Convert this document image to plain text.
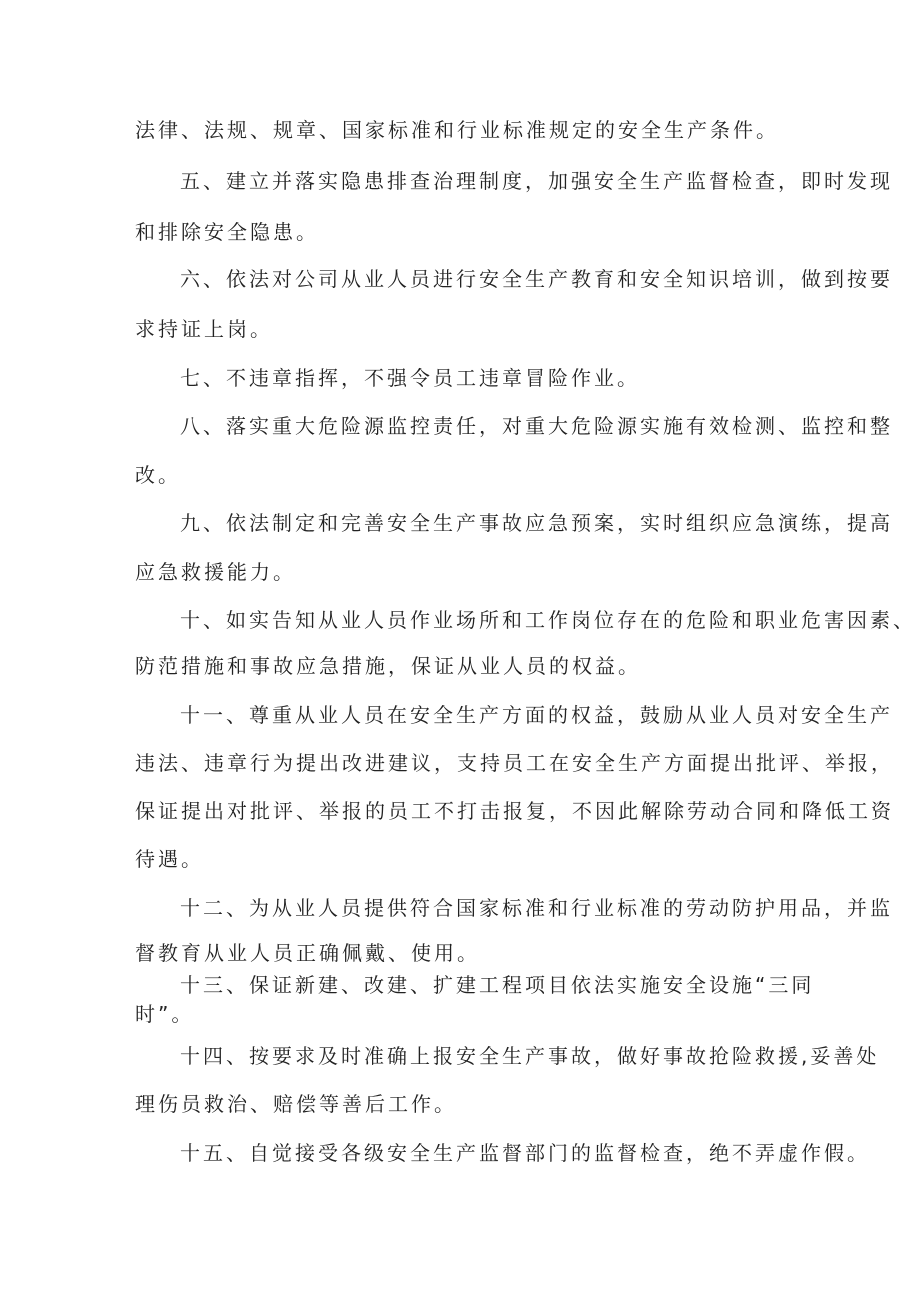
法律、法规、规章、国家标准和行业标准规定的安全生产条件。

五、建立并落实隐患排查治理制度，加强安全生产监督检查，即时发现

和排除安全隐患。

六、依法对公司从业人员进行安全生产教育和安全知识培训，做到按要

求持证上岗。

七、不违章指挥，不强令员工违章冒险作业。

八、落实重大危险源监控责任，对重大危险源实施有效检测、监控和整

改。

九、依法制定和完善安全生产事故应急预案，实时组织应急演练，提高

应急救援能力。

十、如实告知从业人员作业场所和工作岗位存在的危险和职业危害因素、

防范措施和事故应急措施，保证从业人员的权益。

十一、尊重从业人员在安全生产方面的权益，鼓励从业人员对安全生产

违法、违章行为提出改进建议，支持员工在安全生产方面提出批评、举报，

保证提出对批评、举报的员工不打击报复，不因此解除劳动合同和降低工资

待遇。

十二、为从业人员提供符合国家标准和行业标准的劳动防护用品，并监

督教育从业人员正确佩戴、使用。

十三、保证新建、改建、扩建工程项目依法实施安全设施“三同

时”。

十四、按要求及时准确上报安全生产事故，做好事故抢险救援,妥善处

理伤员救治、赔偿等善后工作。

十五、自觉接受各级安全生产监督部门的监督检查，绝不弄虚作假。
